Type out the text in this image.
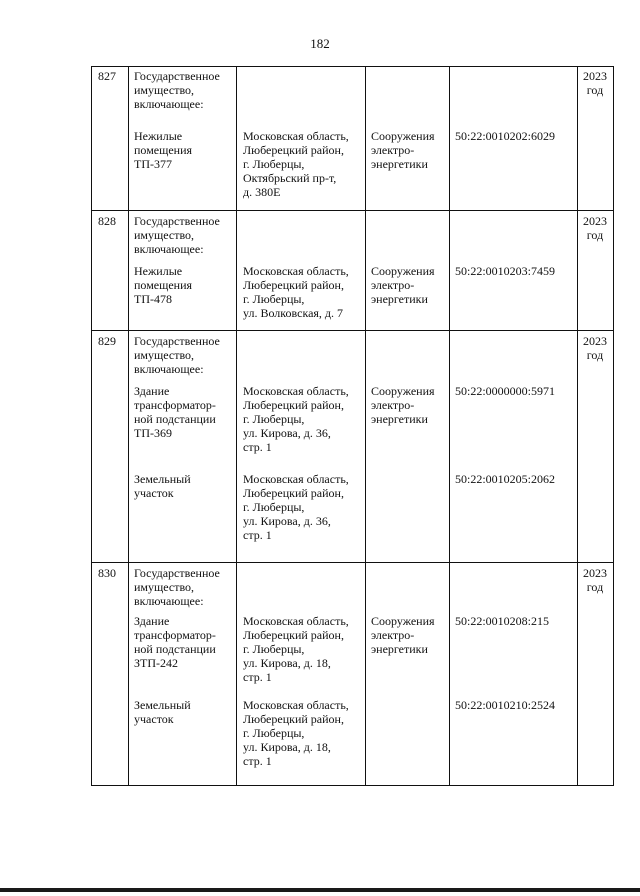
182
827 Государственное
имущество,
включающее:
2023
год
Нежилые
помещения
ТП-377
Московская область,
Люберецкий район,
г. Люберцы,
Октябрьский пр-т,
д. 380Е
Сооружения
электро-
энергетики
50:22:0010202:6029
828 Государственное
имущество,
включающее:
2023
год
Нежилые
помещения
ТП-478
Московская область,
Люберецкий район,
г. Люберцы,
ул. Волковская, д. 7
Сооружения
электро-
энергетики
50:22:0010203:7459
829 Государственное
имущество,
включающее:
2023
год
Здание
трансформатор-
ной подстанции
ТП-369
Московская область,
Люберецкий район,
г. Люберцы,
ул. Кирова, д. 36,
стр. 1
Сооружения
электро-
энергетики
50:22:0000000:5971
Земельный
участок
Московская область,
Люберецкий район,
г. Люберцы,
ул. Кирова, д. 36,
стр. 1
50:22:0010205:2062
830 Государственное
имущество,
включающее:
2023
год
Здание
трансформатор-
ной подстанции
ЗТП-242
Московская область,
Люберецкий район,
г. Люберцы,
ул. Кирова, д. 18,
стр. 1
Сооружения
электро-
энергетики
50:22:0010208:215
Земельный
участок
Московская область,
Люберецкий район,
г. Люберцы,
ул. Кирова, д. 18,
стр. 1
50:22:0010210:2524
